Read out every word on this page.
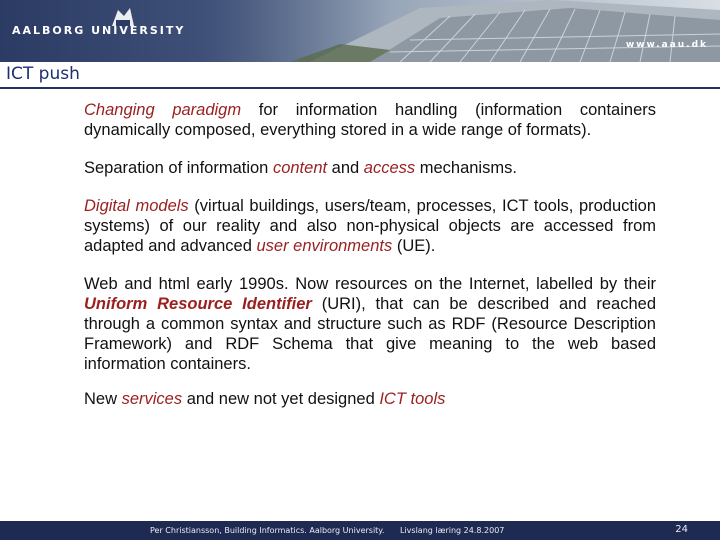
AALBORG UNIVERSITY
www.aau.dk
ICT push

Changing paradigm for information handling (information containers dynamically composed, everything stored in a wide range of formats).

Separation of information content and access mechanisms.

Digital models (virtual buildings, users/team, processes, ICT tools, production systems) of our reality and also non-physical objects are accessed from adapted and advanced user environments (UE).

Web and html early 1990s. Now resources on the Internet, labelled by their Uniform Resource Identifier (URI), that can be described and reached through a common syntax and structure such as RDF (Resource Description Framework) and RDF Schema that give meaning to the web based information containers.

New services and new not yet designed ICT tools

Per Christiansson, Building Informatics. Aalborg University. Livslang læring 24.8.2007	24
